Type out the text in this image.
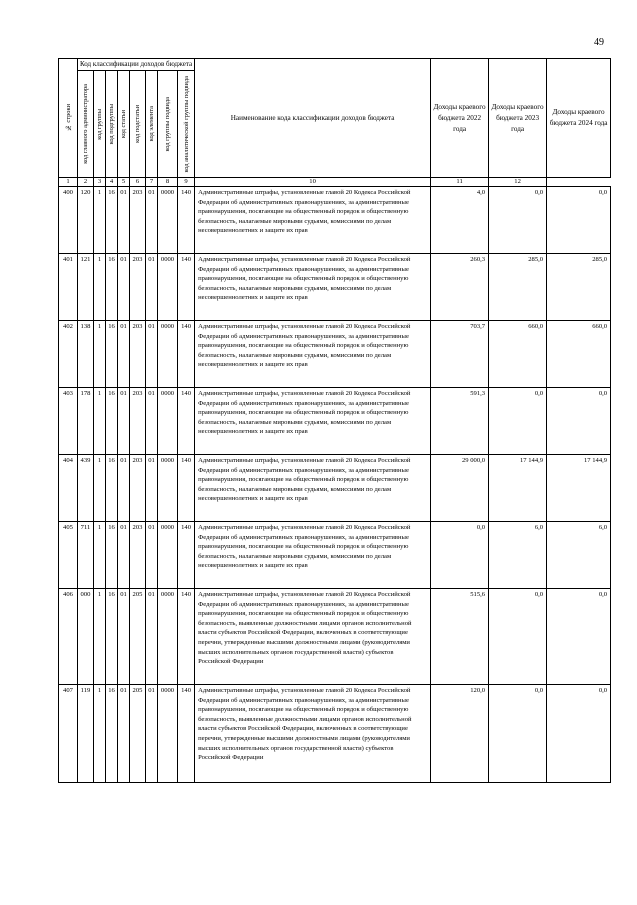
49
№ строки	Код классификации доходов бюджета								Наименование кода классификации доходов бюджета	Доходы краевого бюджета 2022 года	Доходы краевого бюджета 2023 года	Доходы краевого бюджета 2024 года

	код главного администратора	код группы	код подгруппы	код статьи	код подстатьи	код элемента	код группы подвида	код аналитической группы подвида				

1	2	3	4	5	6	7	8	9	10	11	12	
400	120	1	16	01	203	01	0000	140	Административные штрафы, установленные главой 20 Кодекса Российской Федерации об административных правонарушениях, за административные правонарушения, посягающие на общественный порядок и общественную безопасность, налагаемые мировыми судьями, комиссиями по делам несовершеннолетних и защите их прав	4,0	0,0	0,0
401	121	1	16	01	203	01	0000	140	Административные штрафы, установленные главой 20 Кодекса Российской Федерации об административных правонарушениях, за административные правонарушения, посягающие на общественный порядок и общественную безопасность, налагаемые мировыми судьями, комиссиями по делам несовершеннолетних и защите их прав	260,3	285,0	285,0
402	138	1	16	01	203	01	0000	140	Административные штрафы, установленные главой 20 Кодекса Российской Федерации об административных правонарушениях, за административные правонарушения, посягающие на общественный порядок и общественную безопасность, налагаемые мировыми судьями, комиссиями по делам несовершеннолетних и защите их прав	703,7	660,0	660,0
403	178	1	16	01	203	01	0000	140	Административные штрафы, установленные главой 20 Кодекса Российской Федерации об административных правонарушениях, за административные правонарушения, посягающие на общественный порядок и общественную безопасность, налагаемые мировыми судьями, комиссиями по делам несовершеннолетних и защите их прав	591,3	0,0	0,0
404	439	1	16	01	203	01	0000	140	Административные штрафы, установленные главой 20 Кодекса Российской Федерации об административных правонарушениях, за административные правонарушения, посягающие на общественный порядок и общественную безопасность, налагаемые мировыми судьями, комиссиями по делам несовершеннолетних и защите их прав	29 000,0	17 144,9	17 144,9
405	711	1	16	01	203	01	0000	140	Административные штрафы, установленные главой 20 Кодекса Российской Федерации об административных правонарушениях, за административные правонарушения, посягающие на общественный порядок и общественную безопасность, налагаемые мировыми судьями, комиссиями по делам несовершеннолетних и защите их прав	0,0	6,0	6,0
406	000	1	16	01	205	01	0000	140	Административные штрафы, установленные главой 20 Кодекса Российской Федерации об административных правонарушениях, за административные правонарушения, посягающие на общественный порядок и общественную безопасность, выявленные должностными лицами органов исполнительной власти субъектов Российской Федерации, включенных в соответствующие перечни, утвержденные высшими должностными лицами (руководителями высших исполнительных органов государственной власти) субъектов Российской Федерации	515,6	0,0	0,0
407	119	1	16	01	205	01	0000	140	Административные штрафы, установленные главой 20 Кодекса Российской Федерации об административных правонарушениях, за административные правонарушения, посягающие на общественный порядок и общественную безопасность, выявленные должностными лицами органов исполнительной власти субъектов Российской Федерации, включенных в соответствующие перечни, утвержденные высшими должностными лицами (руководителями высших исполнительных органов государственной власти) субъектов Российской Федерации	120,0	0,0	0,0
